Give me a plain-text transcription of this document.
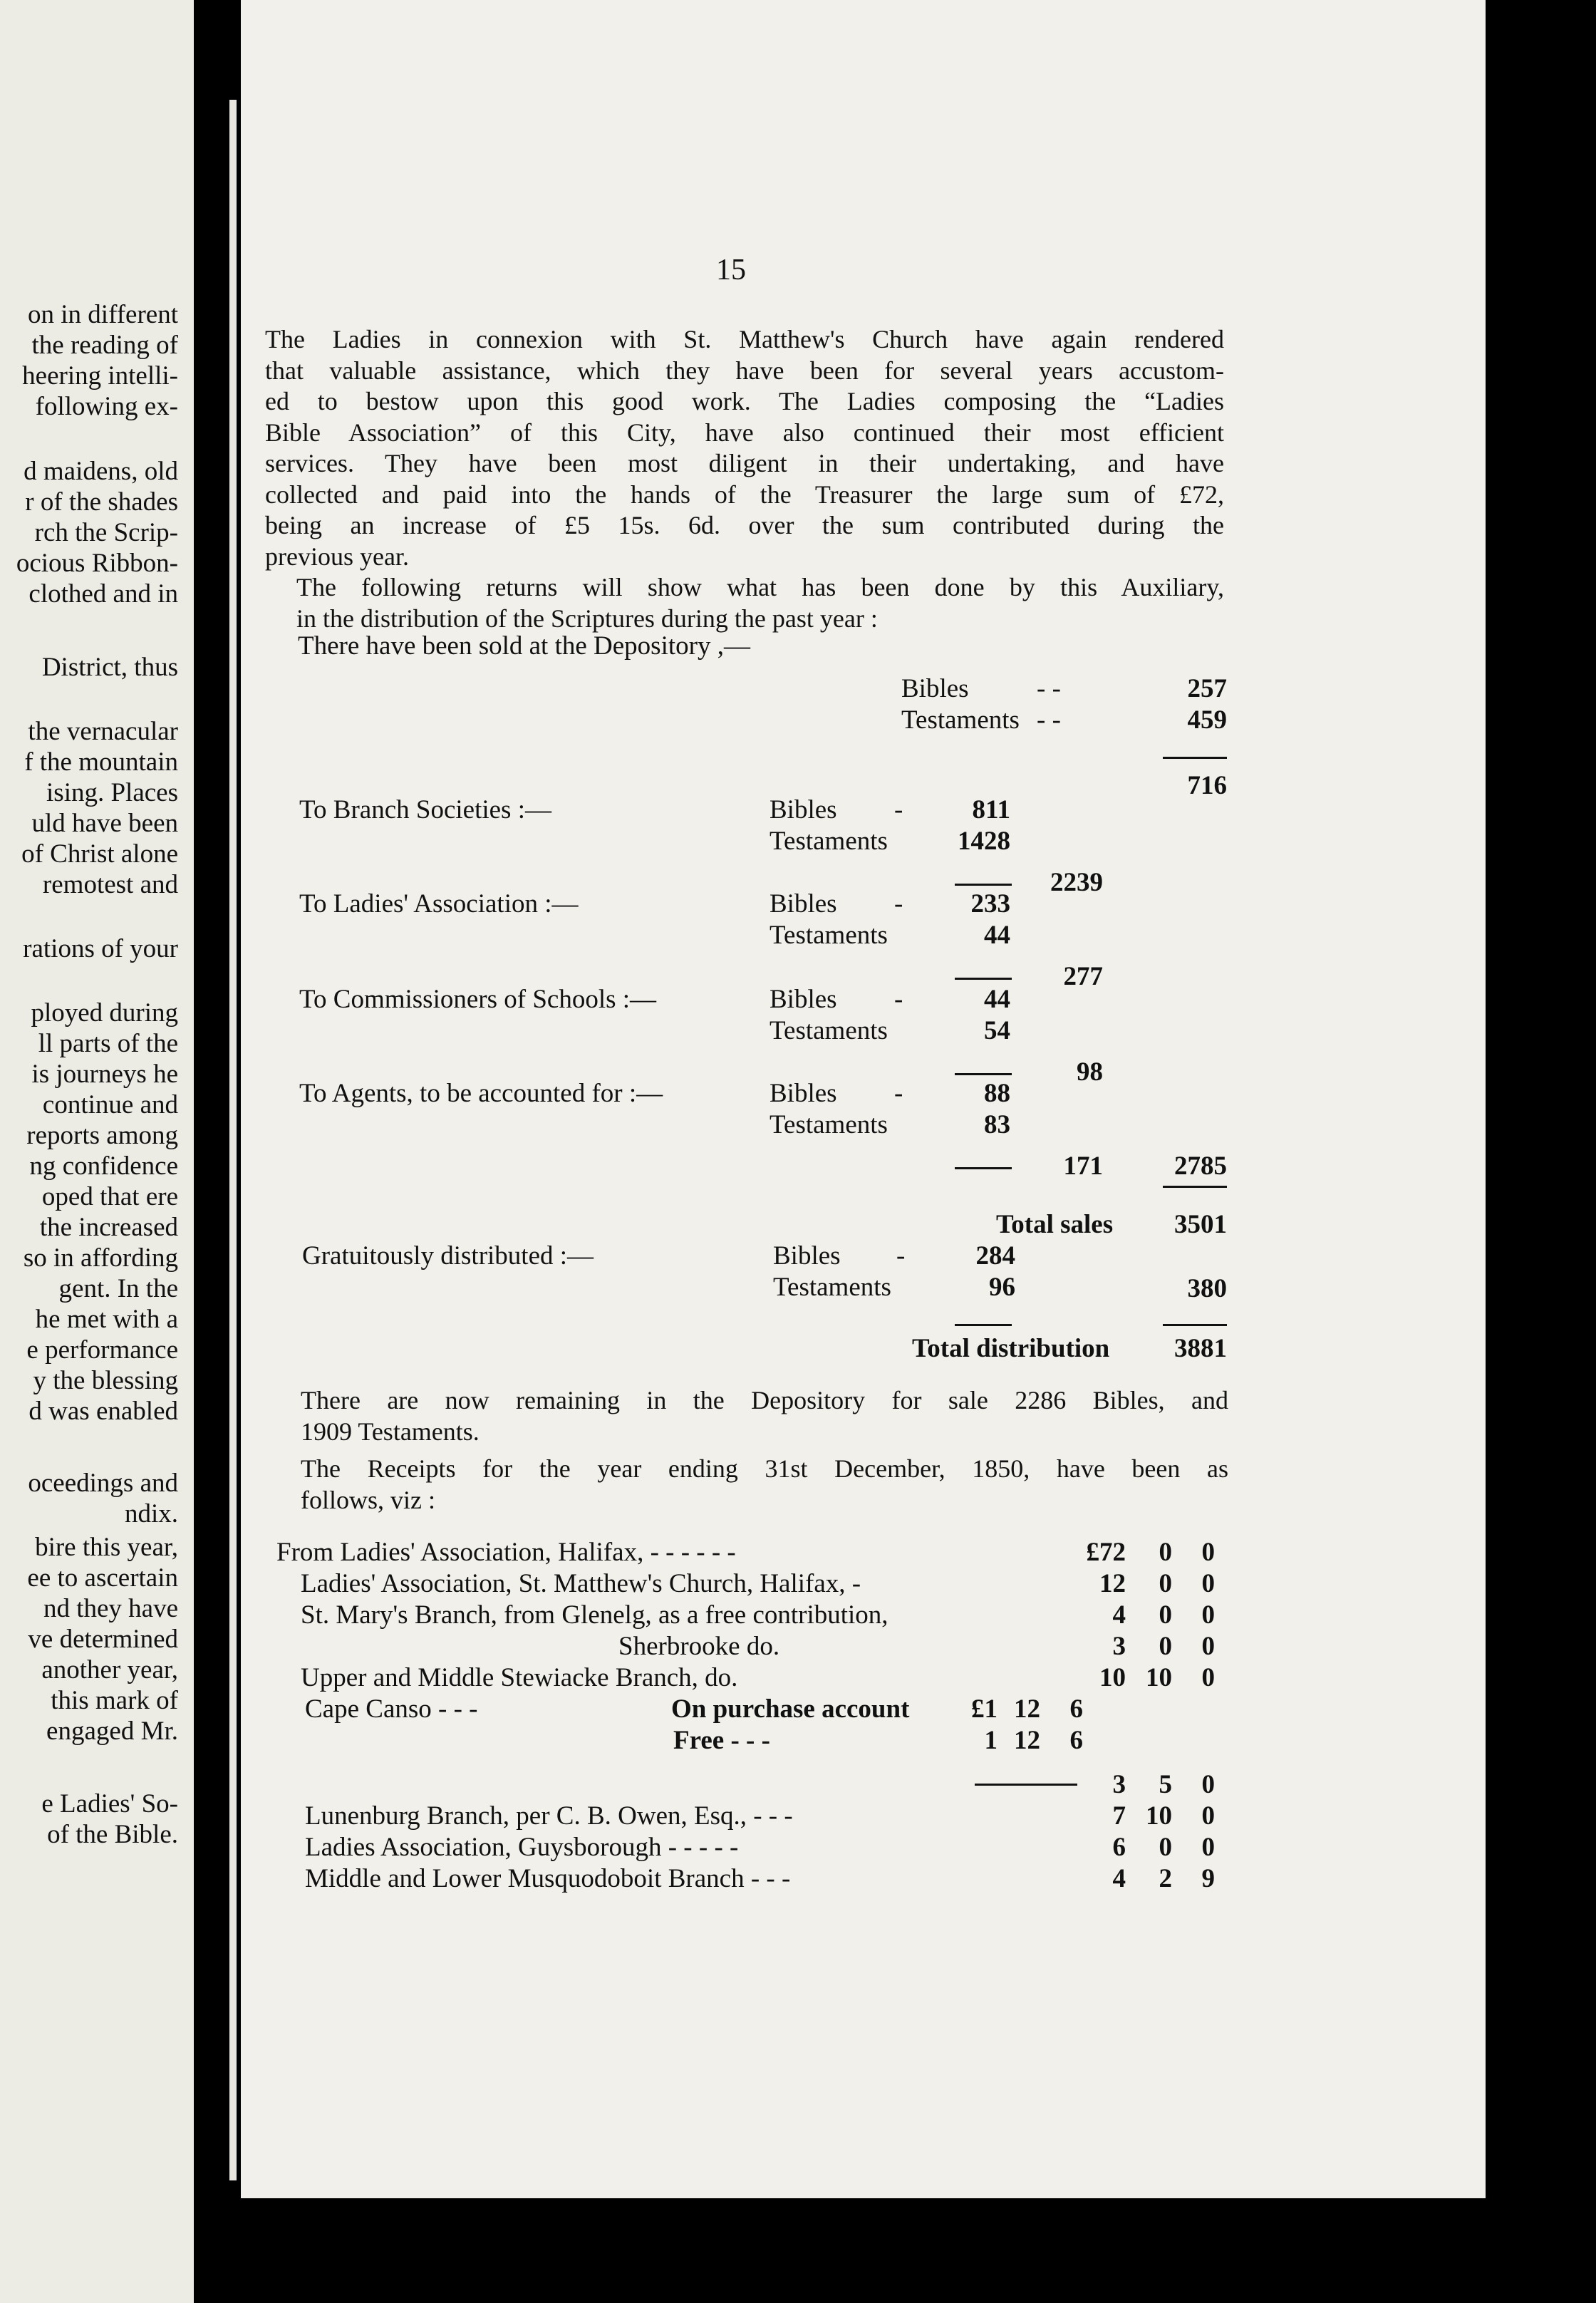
on in different
the reading of
heering intelli-
following ex-
d maidens, old
r of the shades
rch the Scrip-
ocious Ribbon-
clothed and in
District, thus
the vernacular
f the mountain
ising. Places
uld have been
of Christ alone
remotest and
rations of your
ployed during
ll parts of the
is journeys he
continue and
reports among
ng confidence
oped that ere
the increased
so in affording
gent. In the
he met with a
e performance
y the blessing
d was enabled
oceedings and
ndix.
bire this year,
ee to ascertain
nd they have
ve determined
another year,
this mark of
engaged Mr.
e Ladies' So-
of the Bible.
15
The Ladies in connexion with St. Matthew's Church have again rendered
that valuable assistance, which they have been for several years accustom-
ed to bestow upon this good work. The Ladies composing the “Ladies
Bible Association” of this City, have also continued their most efficient
services. They have been most diligent in their undertaking, and have
collected and paid into the hands of the Treasurer the large sum of £72,
being an increase of £5 15s. 6d. over the sum contributed during the
previous year.
The following returns will show what has been done by this Auxiliary,
in the distribution of the Scriptures during the past year :
There have been sold at the Depository ,—
Bibles	- -	257
Testaments - -	459
716
To Branch Societies :—	Bibles -	811
Testaments	1428
2239
To Ladies' Association :—	Bibles -	233
Testaments	44
277
To Commissioners of Schools :—	Bibles -	44
Testaments	54
98
To Agents, to be accounted for :—	Bibles -	88
Testaments	83
171	2785
Total sales	3501
Gratuitously distributed :—	Bibles -	284
Testaments	96	380
Total distribution	3881
There are now remaining in the Depository for sale 2286 Bibles, and
1909 Testaments.
The Receipts for the year ending 31st December, 1850, have been as
follows, viz :
From Ladies' Association, Halifax, - - - - - -	£72	0	0
Ladies' Association, St. Matthew's Church, Halifax, -	12	0	0
St. Mary's Branch, from Glenelg, as a free contribution,	4	0	0
Sherbrooke do.	3	0	0
Upper and Middle Stewiacke Branch, do.	10 10	0
Cape Canso - - -	On purchase account	£1 12	6
Free - - -	1 12	6
3	5	0
Lunenburg Branch, per C. B. Owen, Esq., - - -	7 10	0
Ladies Association, Guysborough - - - - -	6	0	0
Middle and Lower Musquodoboit Branch - - -	4	2	9
